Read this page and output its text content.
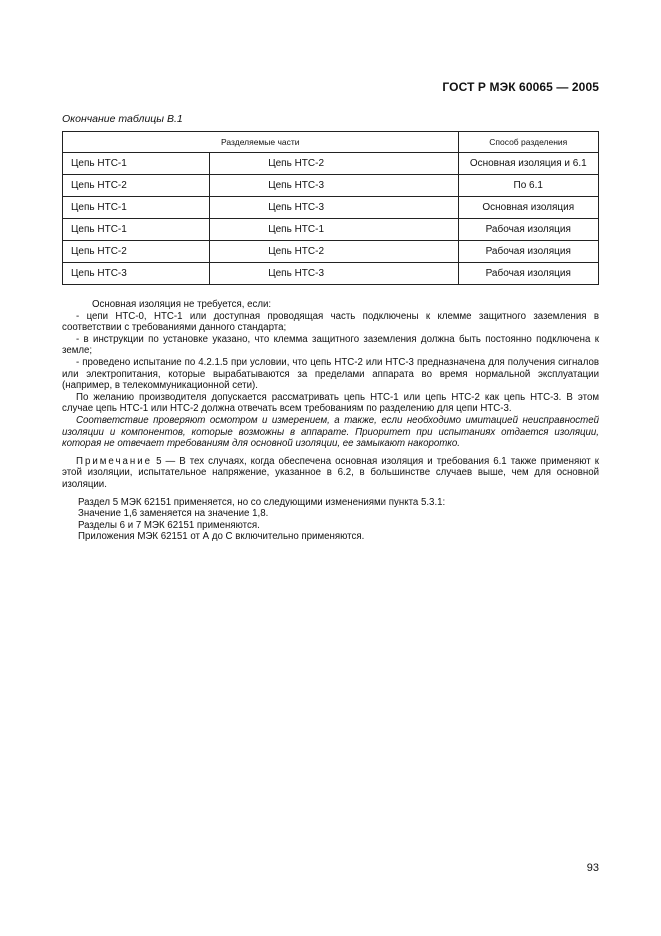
ГОСТ Р МЭК 60065 — 2005
Окончание таблицы В.1
Разделяемые части		Способ разделения
Цепь НТС-1	Цепь НТС-2	Основная изоляция и 6.1
Цепь НТС-2	Цепь НТС-3	По 6.1
Цепь НТС-1	Цепь НТС-3	Основная изоляция
Цепь НТС-1	Цепь НТС-1	Рабочая изоляция
Цепь НТС-2	Цепь НТС-2	Рабочая изоляция
Цепь НТС-3	Цепь НТС-3	Рабочая изоляция

Основная изоляция не требуется, если:

- цепи НТС-0, НТС-1 или доступная проводящая часть подключены к клемме защитного заземления в соответствии с требованиями данного стандарта;

- в инструкции по установке указано, что клемма защитного заземления должна быть постоянно подключена к земле;

- проведено испытание по 4.2.1.5 при условии, что цепь НТС-2 или НТС-3 предназначена для получения сигналов или электропитания, которые вырабатываются за пределами аппарата во время нормальной эксплуатации (например, в телекоммуникационной сети).

По желанию производителя допускается рассматривать цепь НТС-1 или цепь НТС-2 как цепь НТС-3. В этом случае цепь НТС-1 или НТС-2 должна отвечать всем требованиям по разделению для цепи НТС-3.

Соответствие проверяют осмотром и измерением, а также, если необходимо имитацией неисправностей изоляции и компонентов, которые возможны в аппарате. Приоритет при испытаниях отдается изоляции, которая не отвечает требованиям для основной изоляции, ее замыкают накоротко.

Примечание 5 — В тех случаях, когда обеспечена основная изоляция и требования 6.1 также применяют к этой изоляции, испытательное напряжение, указанное в 6.2, в большинстве случаев выше, чем для основной изоляции.

Раздел 5 МЭК 62151 применяется, но со следующими изменениями пункта 5.3.1:

Значение 1,6 заменяется на значение 1,8.

Разделы 6 и 7 МЭК 62151 применяются.

Приложения МЭК 62151 от А до С включительно применяются.

93
